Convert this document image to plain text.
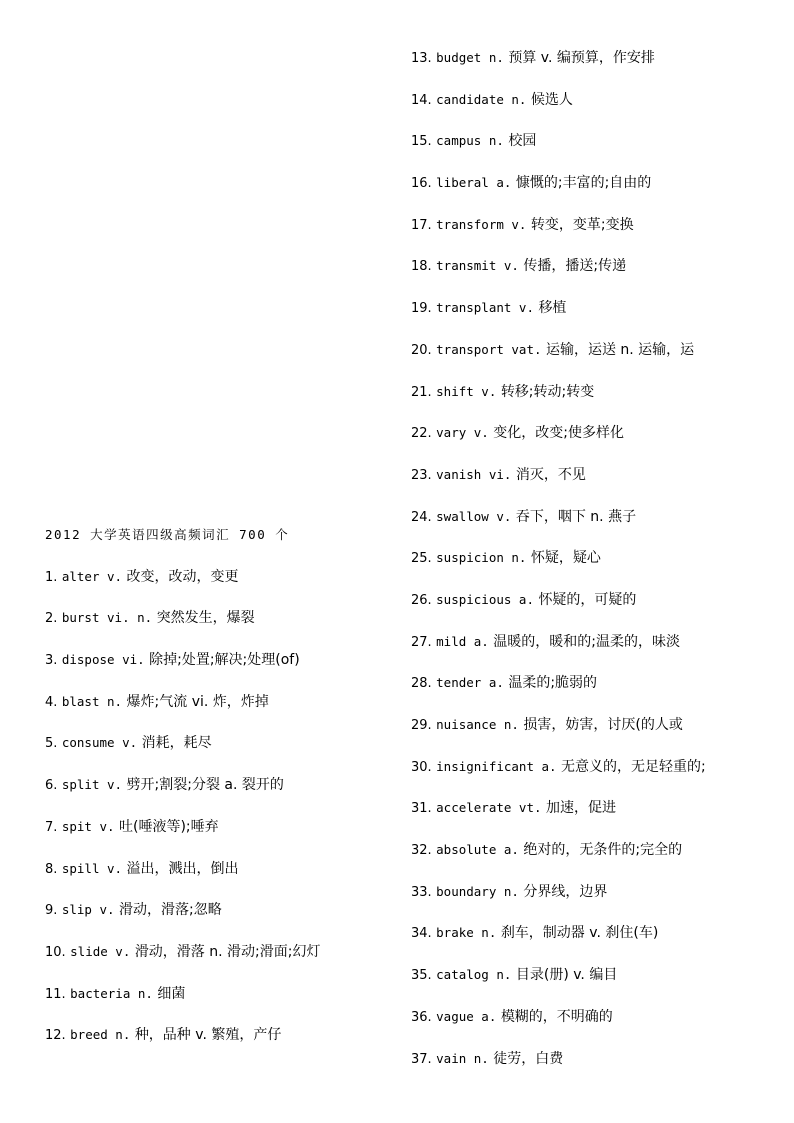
2012 大学英语四级高频词汇 700 个
1. alter v. 改变，改动，变更
2. burst vi. n. 突然发生，爆裂
3. dispose vi. 除掉;处置;解决;处理(of)
4. blast n. 爆炸;气流 vi. 炸，炸掉
5. consume v. 消耗，耗尽
6. split v. 劈开;割裂;分裂 a. 裂开的
7. spit v. 吐(唾液等);唾弃
8. spill v. 溢出，溅出，倒出
9. slip v. 滑动，滑落;忽略
10. slide v. 滑动，滑落 n. 滑动;滑面;幻灯
11. bacteria n. 细菌
12. breed n. 种，品种 v. 繁殖，产仔
13. budget n. 预算 v. 编预算，作安排
14. candidate n. 候选人
15. campus n. 校园
16. liberal a. 慷慨的;丰富的;自由的
17. transform v. 转变，变革;变换
18. transmit v. 传播，播送;传递
19. transplant v. 移植
20. transport vat. 运输，运送 n. 运输，运
21. shift v. 转移;转动;转变
22. vary v. 变化，改变;使多样化
23. vanish vi. 消灭，不见
24. swallow v. 吞下，咽下 n. 燕子
25. suspicion n. 怀疑，疑心
26. suspicious a. 怀疑的，可疑的
27. mild a. 温暖的，暖和的;温柔的，味淡
28. tender a. 温柔的;脆弱的
29. nuisance n. 损害，妨害，讨厌(的人或
30. insignificant a. 无意义的，无足轻重的;
31. accelerate vt. 加速，促进
32. absolute a. 绝对的，无条件的;完全的
33. boundary n. 分界线，边界
34. brake n. 刹车，制动器 v. 刹住(车)
35. catalog n. 目录(册) v. 编目
36. vague a. 模糊的，不明确的
37. vain n. 徒劳，白费
